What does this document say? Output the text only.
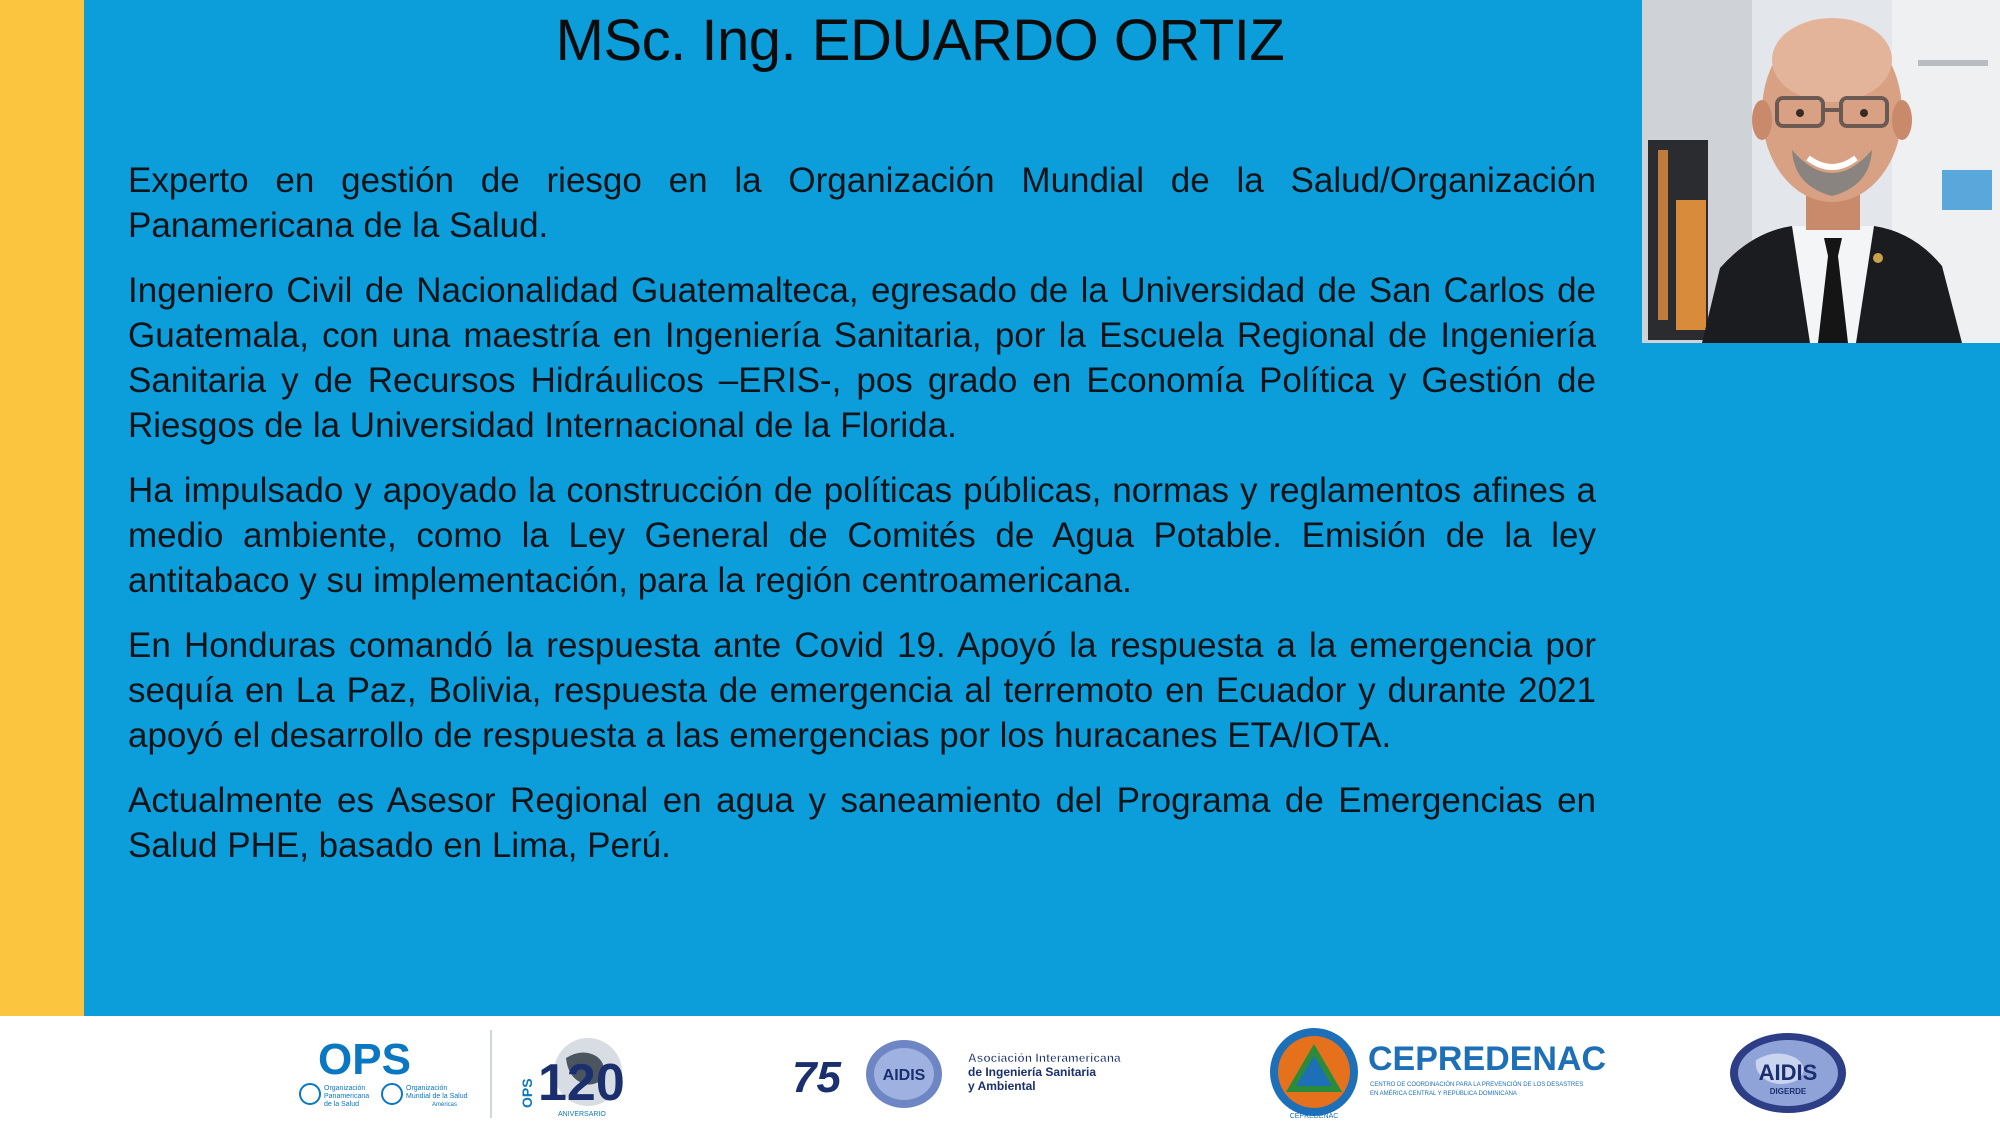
MSc. Ing. EDUARDO ORTIZ

Experto en gestión de riesgo en la Organización Mundial de la Salud/Organización Panamericana de la Salud.

Ingeniero Civil de Nacionalidad Guatemalteca, egresado de la Universidad de San Carlos de Guatemala, con una maestría en Ingeniería Sanitaria, por la Escuela Regional de Ingeniería Sanitaria y de Recursos Hidráulicos –ERIS-, pos grado en Economía Política y Gestión de Riesgos de la Universidad Internacional de la Florida.

Ha impulsado y apoyado la construcción de políticas públicas, normas y reglamentos afines a medio ambiente, como la Ley General de Comités de Agua Potable. Emisión de la ley antitabaco y su implementación, para la región centroamericana.

En Honduras comandó la respuesta ante Covid 19. Apoyó la respuesta a la emergencia por sequía en La Paz, Bolivia, respuesta de emergencia al terremoto en Ecuador y durante 2021 apoyó el desarrollo de respuesta a las emergencias por los huracanes ETA/IOTA.

Actualmente es Asesor Regional en agua y saneamiento del Programa de Emergencias en Salud PHE, basado en Lima, Perú.

OPS
Organización
Panamericana
de la Salud
Organización
Mundial de la Salud
Américas	OPS 120
ANIVERSARIO
75	AIDIS
Asociación Interamericana
de Ingeniería Sanitaria
y Ambiental
CEPREDENAC
CEPREDENAC
CENTRO DE COORDINACIÓN PARA LA PREVENCIÓN DE LOS DESASTRES
EN AMÉRICA CENTRAL Y REPÚBLICA DOMINICANA
AIDIS
DIGERDE
